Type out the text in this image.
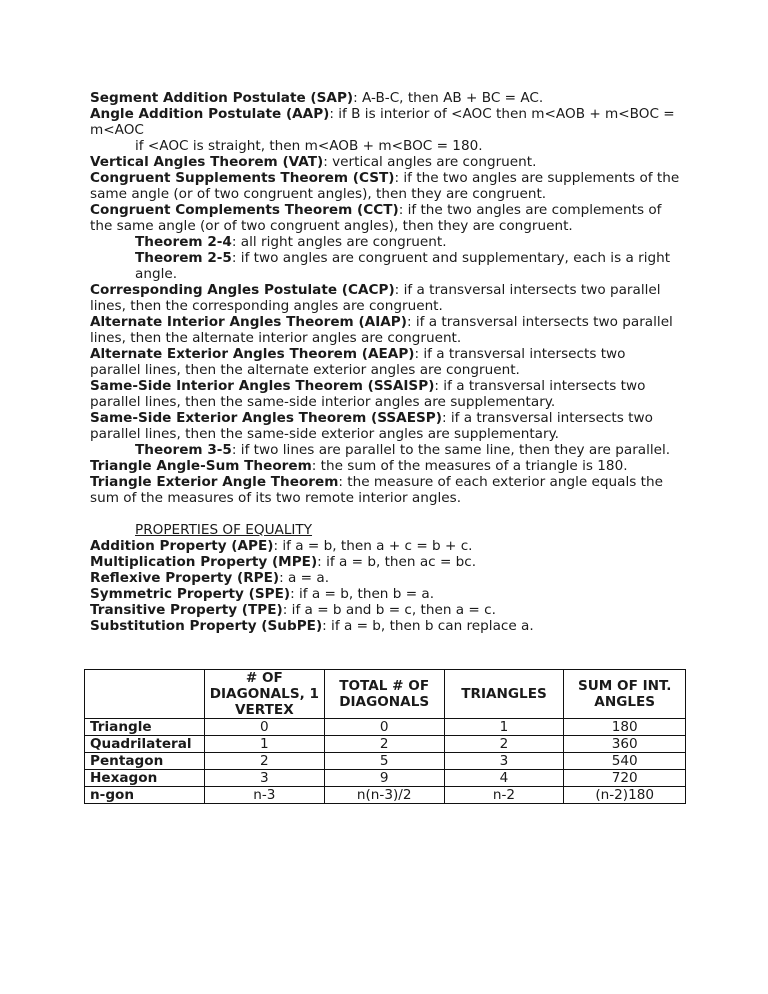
Segment Addition Postulate (SAP): A-B-C, then AB + BC = AC.

Angle Addition Postulate (AAP): if B is interior of <AOC then m<AOB + m<BOC = m<AOC

if <AOC is straight, then m<AOB + m<BOC = 180.

Vertical Angles Theorem (VAT): vertical angles are congruent.

Congruent Supplements Theorem (CST): if the two angles are supplements of the same angle (or of two congruent angles), then they are congruent.

Congruent Complements Theorem (CCT): if the two angles are complements of the same angle (or of two congruent angles), then they are congruent.

Theorem 2-4: all right angles are congruent.

Theorem 2-5: if two angles are congruent and supplementary, each is a right angle.

Corresponding Angles Postulate (CACP): if a transversal intersects two parallel lines, then the corresponding angles are congruent.

Alternate Interior Angles Theorem (AIAP): if a transversal intersects two parallel lines, then the alternate interior angles are congruent.

Alternate Exterior Angles Theorem (AEAP): if a transversal intersects two parallel lines, then the alternate exterior angles are congruent.

Same-Side Interior Angles Theorem (SSAISP): if a transversal intersects two parallel lines, then the same-side interior angles are supplementary.

Same-Side Exterior Angles Theorem (SSAESP): if a transversal intersects two parallel lines, then the same-side exterior angles are supplementary.

Theorem 3-5: if two lines are parallel to the same line, then they are parallel.

Triangle Angle-Sum Theorem: the sum of the measures of a triangle is 180.

Triangle Exterior Angle Theorem: the measure of each exterior angle equals the sum of the measures of its two remote interior angles.

PROPERTIES OF EQUALITY

Addition Property (APE): if a = b, then a + c = b + c.

Multiplication Property (MPE): if a = b, then ac = bc.

Reflexive Property (RPE): a = a.

Symmetric Property (SPE): if a = b, then b = a.

Transitive Property (TPE): if a = b and b = c, then a = c.

Substitution Property (SubPE): if a = b, then b can replace a.

	# OF DIAGONALS, 1 VERTEX	TOTAL # OF DIAGONALS	TRIANGLES	SUM OF INT. ANGLES
Triangle	0	0	1	180
Quadrilateral	1	2	2	360
Pentagon	2	5	3	540
Hexagon	3	9	4	720
n-gon	n-3	n(n-3)/2	n-2	(n-2)180
